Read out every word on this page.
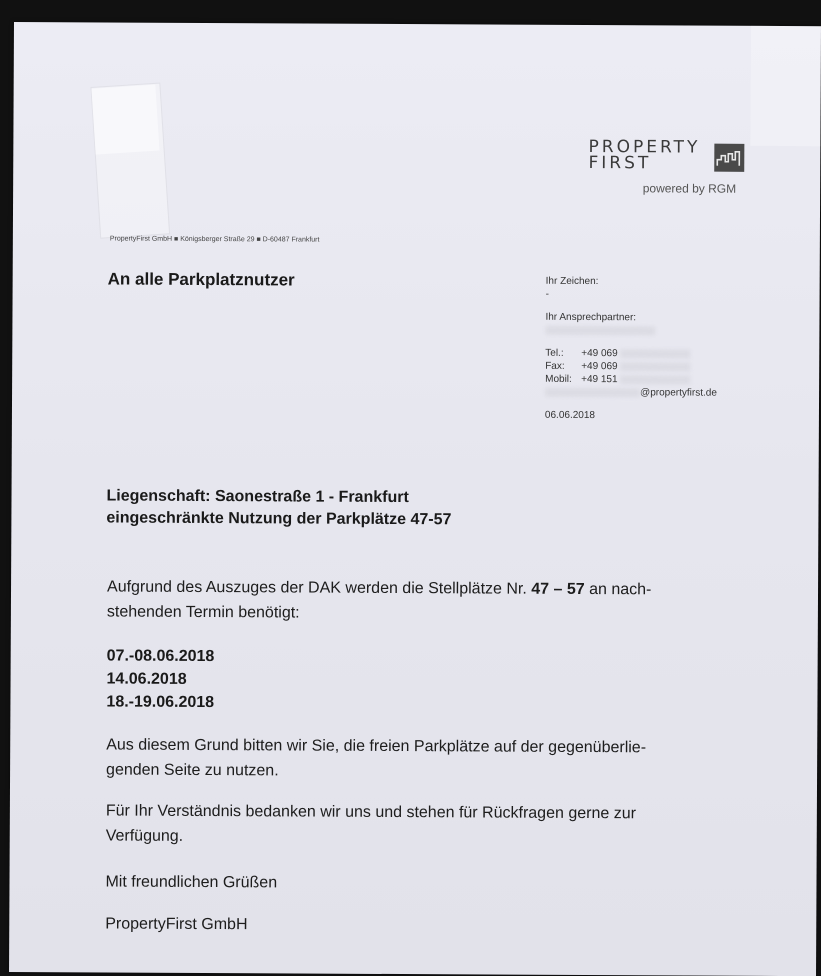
PROPERTY
FIRST
powered by RGM
PropertyFirst GmbH ■ Königsberger Straße 29 ■ D-60487 Frankfurt
An alle Parkplatznutzer	Ihr Zeichen:
-
Ihr Ansprechpartner:
Tel.: +49 069
Fax: +49 069
Mobil: +49 151
@propertyfirst.de
06.06.2018
Liegenschaft: Saonestraße 1 - Frankfurt
eingeschränkte Nutzung der Parkplätze 47-57
Aufgrund des Auszuges der DAK werden die Stellplätze Nr. 47 – 57 an nach-
stehenden Termin benötigt:
07.-08.06.2018
14.06.2018
18.-19.06.2018
Aus diesem Grund bitten wir Sie, die freien Parkplätze auf der gegenüberlie-
genden Seite zu nutzen.
Für Ihr Verständnis bedanken wir uns und stehen für Rückfragen gerne zur
Verfügung.
Mit freundlichen Grüßen
PropertyFirst GmbH
